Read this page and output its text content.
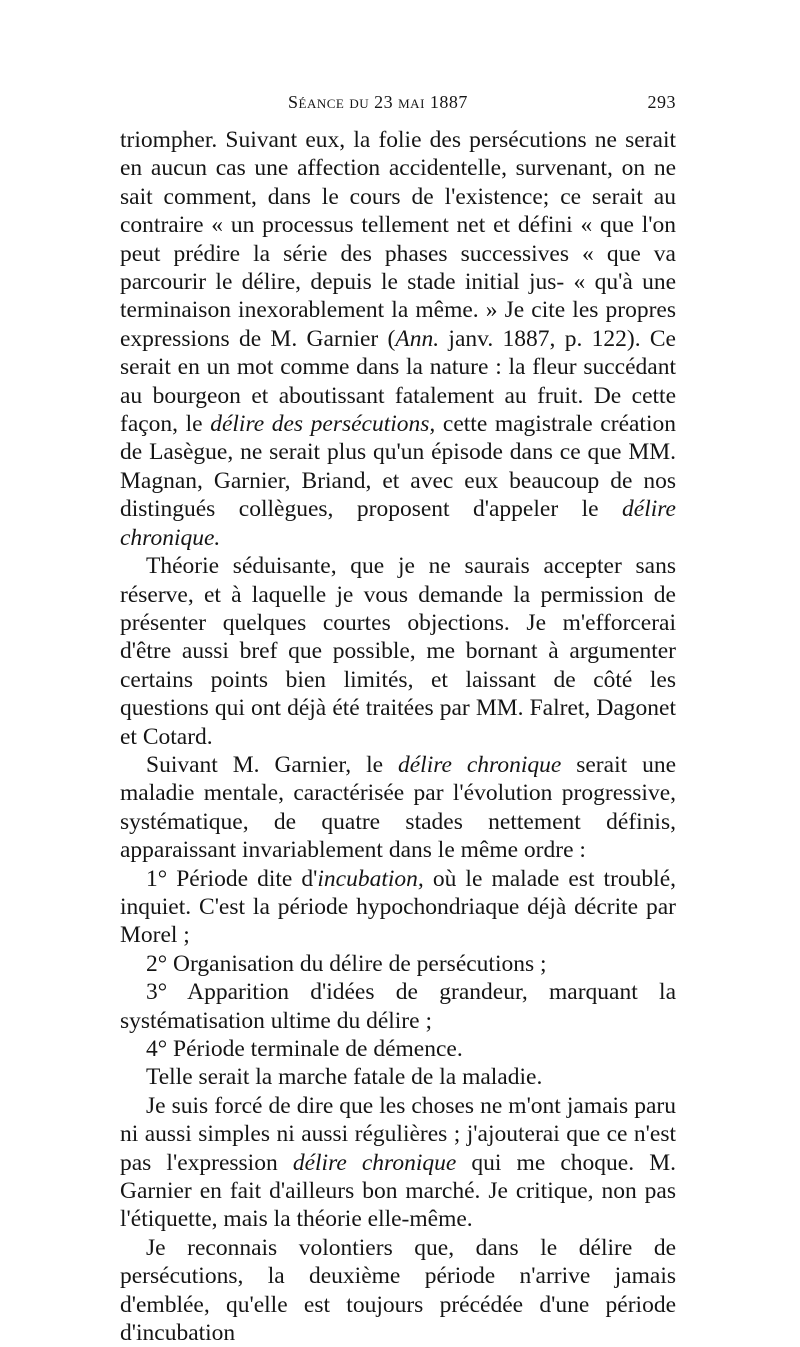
Séance du 23 mai 1887	293

triompher. Suivant eux, la folie des persécutions ne serait en aucun cas une affection accidentelle, survenant, on ne sait comment, dans le cours de l'existence; ce serait au contraire « un processus tellement net et défini « que l'on peut prédire la série des phases successives « que va parcourir le délire, depuis le stade initial jus- « qu'à une terminaison inexorablement la même. » Je cite les propres expressions de M. Garnier (Ann. janv. 1887, p. 122). Ce serait en un mot comme dans la nature : la fleur succédant au bourgeon et aboutissant fatalement au fruit. De cette façon, le délire des persécutions, cette magistrale création de Lasègue, ne serait plus qu'un épisode dans ce que MM. Magnan, Garnier, Briand, et avec eux beaucoup de nos distingués collègues, proposent d'appeler le délire chronique.

Théorie séduisante, que je ne saurais accepter sans réserve, et à laquelle je vous demande la permission de présenter quelques courtes objections. Je m'efforcerai d'être aussi bref que possible, me bornant à argumenter certains points bien limités, et laissant de côté les questions qui ont déjà été traitées par MM. Falret, Dagonet et Cotard.

Suivant M. Garnier, le délire chronique serait une maladie mentale, caractérisée par l'évolution progressive, systématique, de quatre stades nettement définis, apparaissant invariablement dans le même ordre :

1° Période dite d'incubation, où le malade est troublé, inquiet. C'est la période hypochondriaque déjà décrite par Morel ;

2° Organisation du délire de persécutions ;

3° Apparition d'idées de grandeur, marquant la systématisation ultime du délire ;

4° Période terminale de démence.

Telle serait la marche fatale de la maladie.

Je suis forcé de dire que les choses ne m'ont jamais paru ni aussi simples ni aussi régulières ; j'ajouterai que ce n'est pas l'expression délire chronique qui me choque. M. Garnier en fait d'ailleurs bon marché. Je critique, non pas l'étiquette, mais la théorie elle-même.

Je reconnais volontiers que, dans le délire de persécutions, la deuxième période n'arrive jamais d'emblée, qu'elle est toujours précédée d'une période d'incubation
